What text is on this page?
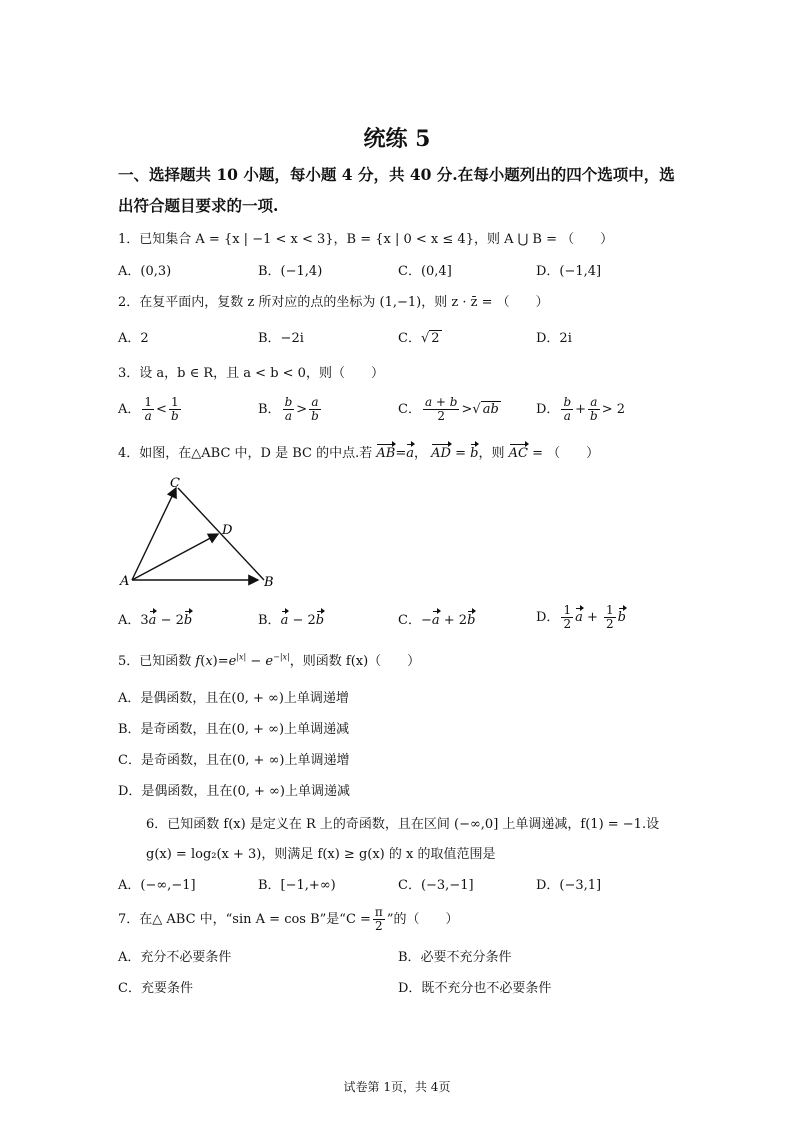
统练 5
一、选择题共 10 小题，每小题 4 分，共 40 分.在每小题列出的四个选项中，选出符合题目要求的一项.
1．已知集合 A = {x | −1 < x < 3}，B = {x | 0 < x ≤ 4}，则 A ⋃ B = （　　）
A．(0,3)	B．(−1,4)	C．(0,4]	D．(−1,4]
2．在复平面内，复数 z 所对应的点的坐标为 (1,−1)，则 z · z̄ = （　　）
A．2	B．−2i	C．√ 2	D．2i
3．设 a，b ∈ R，且 a < b < 0，则（　　）
A． $\frac{1}{a} < \frac{1}{b}$	B． $\frac{b}{a} > \frac{a}{b}$	C． $\frac{a + b}{2}$ >√ ab	D． $\frac{b}{a} + \frac{a}{b} > 2$
4．如图，在△ABC 中，D 是 BC 的中点.若 AB=a， AD = b，则 AC = （　　）
C
D
A	B
A．3a − 2b	B．a − 2b	C．−a + 2b	D． $\frac{1}{2}$ $a + \frac{1}{2}$ b
5．已知函数 $f(x)=e^{|x|} - e^{-|x|}$，则函数 f(x)（　　）
A．是偶函数，且在(0, + ∞)上单调递增
B．是奇函数，且在(0, + ∞)上单调递减
C．是奇函数，且在(0, + ∞)上单调递增
D．是偶函数，且在(0, + ∞)上单调递减
6．已知函数 f(x) 是定义在 R 上的奇函数，且在区间 (−∞,0] 上单调递减，f(1) = −1.设
g(x) = log₂(x + 3)，则满足 f(x) ≥ g(x) 的 x 的取值范围是
A．(−∞,−1]	B．[−1,+∞)	C．(−3,−1]	D．(−3,1]
7．在△ ABC 中，“sin A = cos B”是“$C = \frac{\pi}{2}$ ”的（　　）
A．充分不必要条件	B．必要不充分条件
C．充要条件	D．既不充分也不必要条件
试卷第 1页，共 4页
